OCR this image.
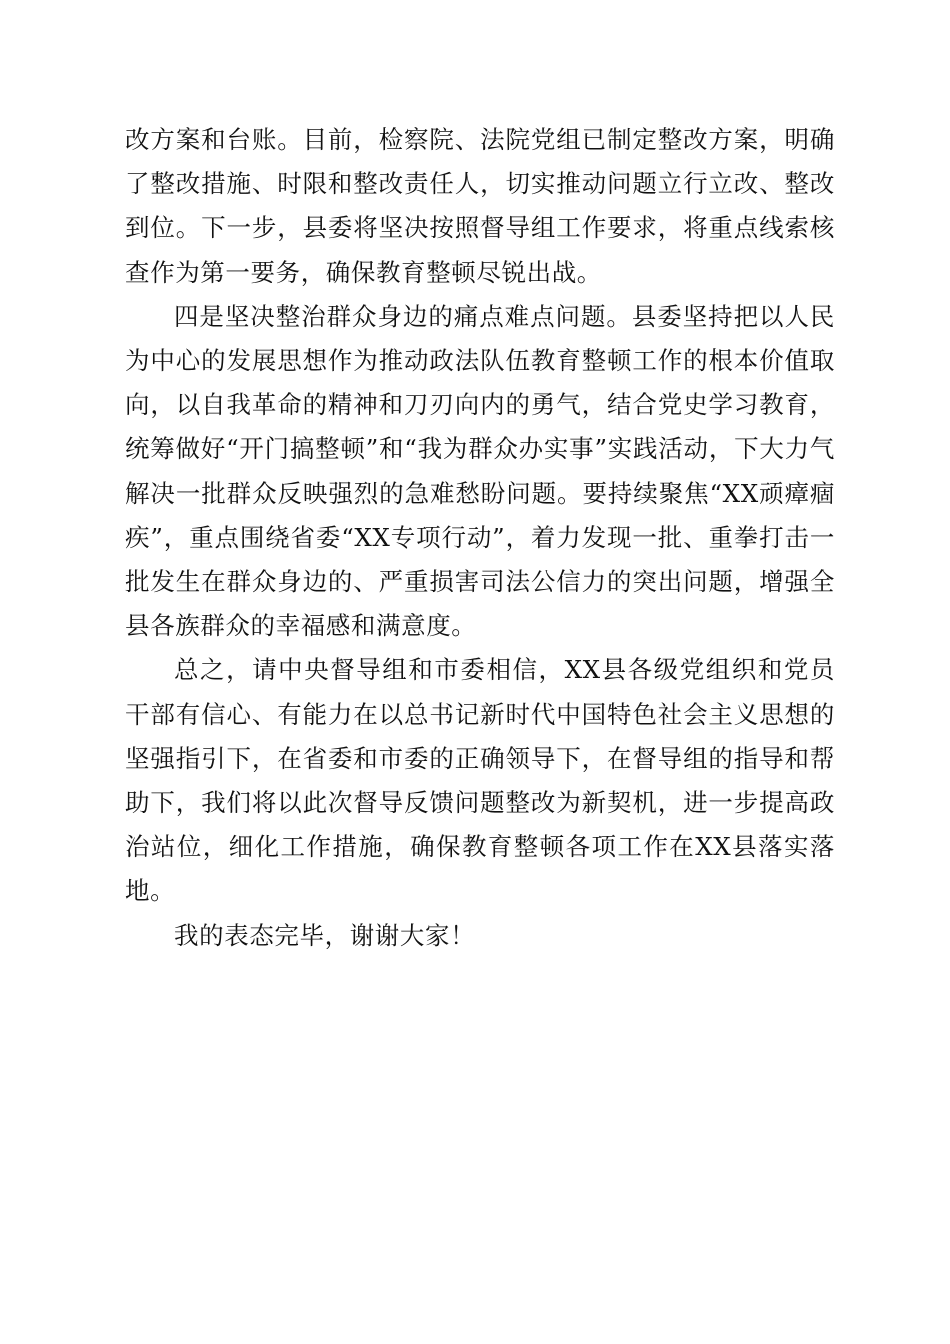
改方案和台账。目前，检察院、法院党组已制定整改方案，明确了整改措施、时限和整改责任人，切实推动问题立行立改、整改到位。下一步，县委将坚决按照督导组工作要求，将重点线索核查作为第一要务，确保教育整顿尽锐出战。

四是坚决整治群众身边的痛点难点问题。县委坚持把以人民为中心的发展思想作为推动政法队伍教育整顿工作的根本价值取向，以自我革命的精神和刀刃向内的勇气，结合党史学习教育，统筹做好“开门搞整顿”和“我为群众办实事”实践活动，下大力气解决一批群众反映强烈的急难愁盼问题。要持续聚焦“XX顽瘴痼疾”，重点围绕省委“XX专项行动”，着力发现一批、重拳打击一批发生在群众身边的、严重损害司法公信力的突出问题，增强全县各族群众的幸福感和满意度。

总之，请中央督导组和市委相信，XX县各级党组织和党员干部有信心、有能力在以总书记新时代中国特色社会主义思想的坚强指引下，在省委和市委的正确领导下，在督导组的指导和帮助下，我们将以此次督导反馈问题整改为新契机，进一步提高政治站位，细化工作措施，确保教育整顿各项工作在XX县落实落地。

我的表态完毕，谢谢大家！
